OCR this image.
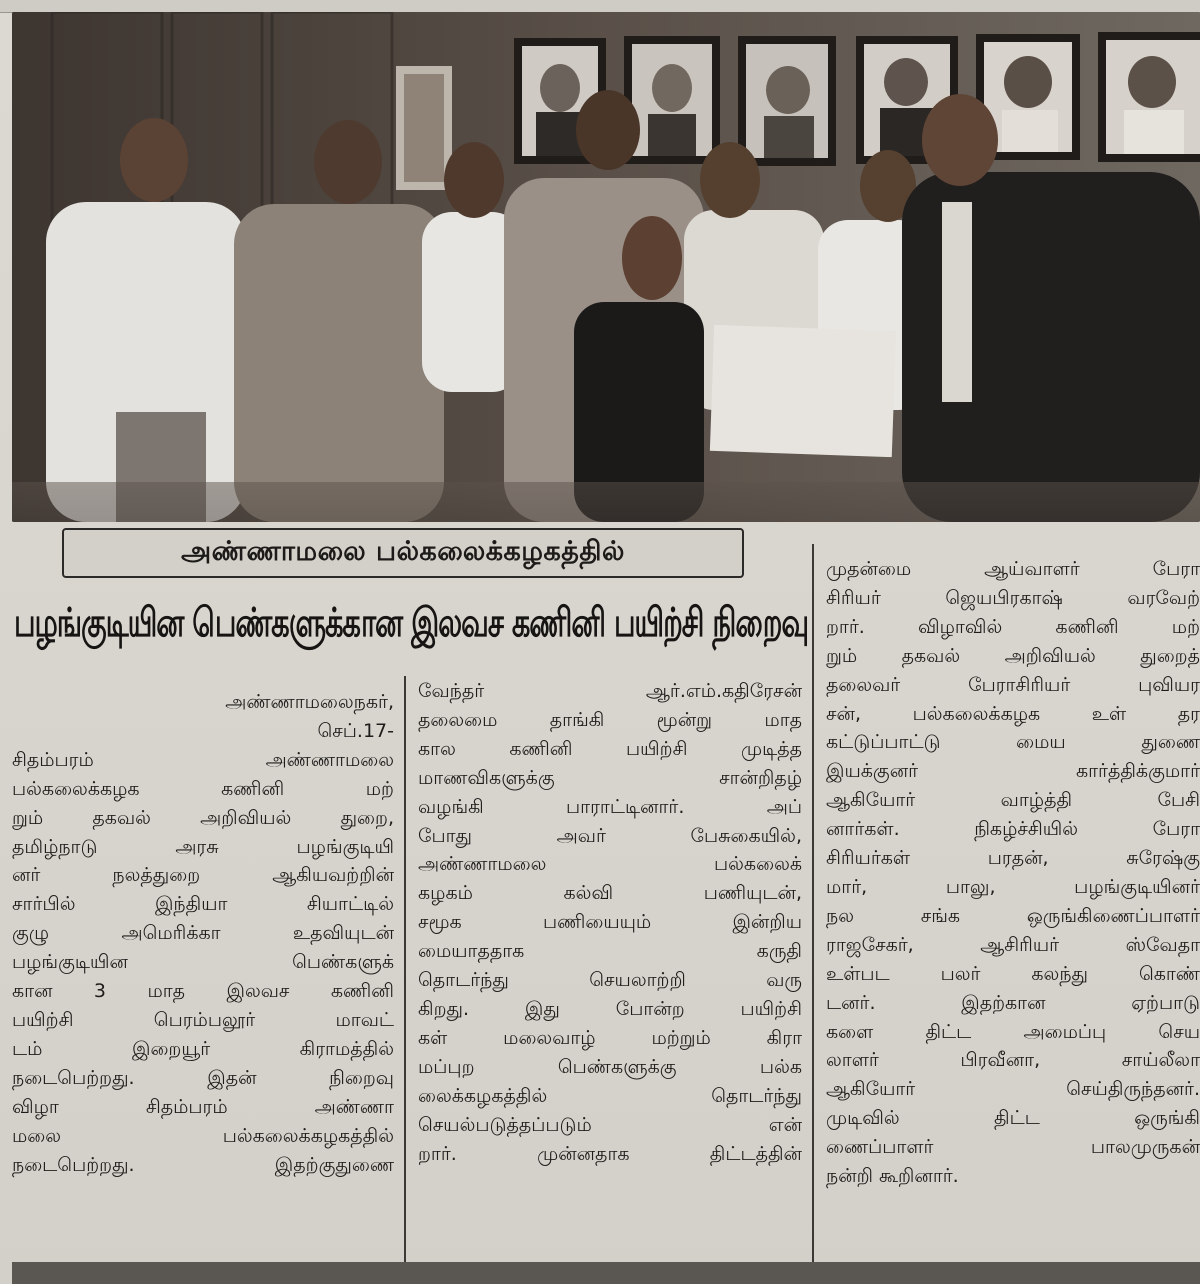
அண்ணாமலை பல்கலைக்கழகத்தில்
பழங்குடியின பெண்களுக்கான இலவச கணினி பயிற்சி நிறைவு
அண்ணாமலைநகர்,
செப்.17-
சிதம்பரம் அண்ணாமலை
பல்கலைக்கழக கணினி மற்
றும் தகவல் அறிவியல் துறை,
தமிழ்நாடு அரசு பழங்குடியி
னர் நலத்துறை ஆகியவற்றின்
சார்பில் இந்தியா சியாட்டில்
குழு அமெரிக்கா உதவியுடன்
பழங்குடியின பெண்களுக்
கான 3 மாத இலவச கணினி
பயிற்சி பெரம்பலூர் மாவட்
டம் இறையூர் கிராமத்தில்
நடைபெற்றது. இதன் நிறைவு
விழா சிதம்பரம் அண்ணா
மலை பல்கலைக்கழகத்தில்
நடைபெற்றது. இதற்குதுணை
வேந்தர் ஆர்.எம்.கதிரேசன்
தலைமை தாங்கி மூன்று மாத
கால கணினி பயிற்சி முடித்த
மாணவிகளுக்கு சான்றிதழ்
வழங்கி பாராட்டினார். அப்
போது அவர் பேசுகையில்,
அண்ணாமலை பல்கலைக்
கழகம் கல்வி பணியுடன்,
சமூக பணியையும் இன்றிய
மையாததாக கருதி
தொடர்ந்து செயலாற்றி வரு
கிறது. இது போன்ற பயிற்சி
கள் மலைவாழ் மற்றும் கிரா
மப்புற பெண்களுக்கு பல்க
லைக்கழகத்தில் தொடர்ந்து
செயல்படுத்தப்படும் என்
றார். முன்னதாக திட்டத்தின்
முதன்மை ஆய்வாளர் பேரா
சிரியர் ஜெயபிரகாஷ் வரவேற்
றார். விழாவில் கணினி மற்
றும் தகவல் அறிவியல் துறைத்
தலைவர் பேராசிரியர் புவியர
சன், பல்கலைக்கழக உள் தர
கட்டுப்பாட்டு மைய துணை
இயக்குனர் கார்த்திக்குமார்
ஆகியோர் வாழ்த்தி பேசி
னார்கள். நிகழ்ச்சியில் பேரா
சிரியர்கள் பரதன், சுரேஷ்கு
மார், பாலு, பழங்குடியினர்
நல சங்க ஒருங்கிணைப்பாளர்
ராஜசேகர், ஆசிரியர் ஸ்வேதா
உள்பட பலர் கலந்து கொண்
டனர். இதற்கான ஏற்பாடு
களை திட்ட அமைப்பு செய
லாளர் பிரவீனா, சாய்லீலா
ஆகியோர் செய்திருந்தனர்.
முடிவில் திட்ட ஒருங்கி
ணைப்பாளர் பாலமுருகன்
நன்றி கூறினார்.
